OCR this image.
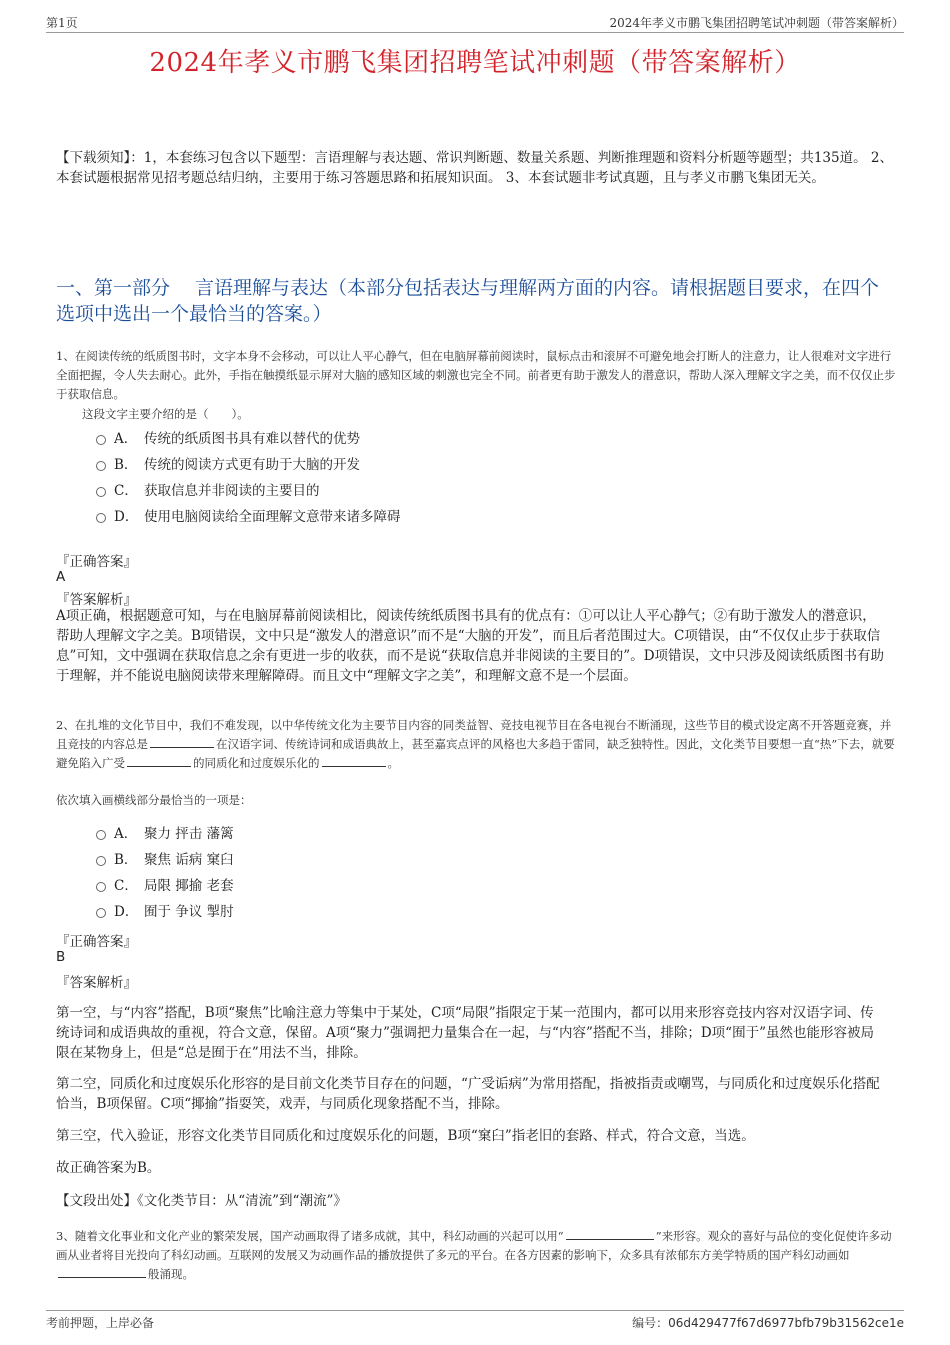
第1页	2024年孝义市鹏飞集团招聘笔试冲刺题（带答案解析）
2024年孝义市鹏飞集团招聘笔试冲刺题（带答案解析）
【下载须知】：1，本套练习包含以下题型：言语理解与表达题、常识判断题、数量关系题、判断推理题和资料分析题等题型；共135道。 2、本套试题根据常见招考题总结归纳，主要用于练习答题思路和拓展知识面。 3、本套试题非考试真题，且与孝义市鹏飞集团无关。
一、第一部分　 言语理解与表达（本部分包括表达与理解两方面的内容。请根据题目要求，在四个选项中选出一个最恰当的答案。）
1、在阅读传统的纸质图书时，文字本身不会移动，可以让人平心静气，但在电脑屏幕前阅读时，鼠标点击和滚屏不可避免地会打断人的注意力，让人很难对文字进行全面把握，令人失去耐心。此外，手指在触摸纸显示屏对大脑的感知区域的刺激也完全不同。前者更有助于激发人的潜意识，帮助人深入理解文字之美，而不仅仅止步于获取信息。
这段文字主要介绍的是（　　）。
A． 传统的纸质图书具有难以替代的优势
B． 传统的阅读方式更有助于大脑的开发
C． 获取信息并非阅读的主要目的
D． 使用电脑阅读给全面理解文意带来诸多障碍
『正确答案』
A
『答案解析』
A项正确，根据题意可知，与在电脑屏幕前阅读相比，阅读传统纸质图书具有的优点有：①可以让人平心静气；②有助于激发人的潜意识，帮助人理解文字之美。B项错误，文中只是“激发人的潜意识”而不是“大脑的开发”，而且后者范围过大。C项错误，由“不仅仅止步于获取信息”可知，文中强调在获取信息之余有更进一步的收获，而不是说“获取信息并非阅读的主要目的”。D项错误，文中只涉及阅读纸质图书有助于理解，并不能说电脑阅读带来理解障碍。而且文中“理解文字之美”，和理解文意不是一个层面。
2、在扎堆的文化节目中，我们不难发现，以中华传统文化为主要节目内容的同类益智、竞技电视节目在各电视台不断涌现，这些节目的模式设定离不开答题竞赛，并且竞技的内容总是	在汉语字词、传统诗词和成语典故上，甚至嘉宾点评的风格也大多趋于雷同，缺乏独特性。因此，文化类节目要想一直“热”下去，就要避免陷入广受	的同质化和过度娱乐化的	。
依次填入画横线部分最恰当的一项是：
A． 聚力 抨击 藩篱
B． 聚焦 诟病 窠臼
C． 局限 揶揄 老套
D． 囿于 争议 掣肘
『正确答案』
B
『答案解析』
第一空，与“内容”搭配，B项“聚焦”比喻注意力等集中于某处，C项“局限”指限定于某一范围内，都可以用来形容竞技内容对汉语字词、传统诗词和成语典故的重视，符合文意，保留。A项“聚力”强调把力量集合在一起，与“内容”搭配不当，排除；D项“囿于”虽然也能形容被局限在某物身上，但是“总是囿于在”用法不当，排除。
第二空，同质化和过度娱乐化形容的是目前文化类节目存在的问题，“广受诟病”为常用搭配，指被指责或嘲骂，与同质化和过度娱乐化搭配恰当，B项保留。C项“揶揄”指耍笑，戏弄，与同质化现象搭配不当，排除。
第三空，代入验证，形容文化类节目同质化和过度娱乐化的问题，B项“窠臼”指老旧的套路、样式，符合文意，当选。
故正确答案为B。
【文段出处】《文化类节目：从“清流”到“潮流”》
3、随着文化事业和文化产业的繁荣发展，国产动画取得了诸多成就，其中，科幻动画的兴起可以用“	”来形容。观众的喜好与品位的变化促使许多动画从业者将目光投向了科幻动画。互联网的发展又为动画作品的播放提供了多元的平台。在各方因素的影响下，众多具有浓郁东方美学特质的国产科幻动画如般涌现。
考前押题，上岸必备	编号：06d429477f67d6977bfb79b31562ce1e
